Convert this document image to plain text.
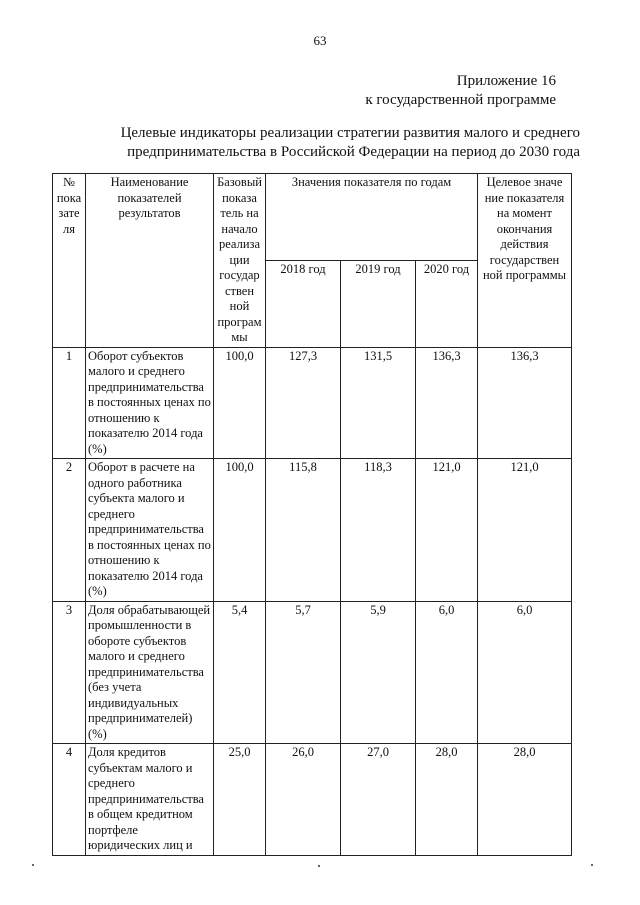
63
Приложение 16
к государственной программе
Целевые индикаторы реализации стратегии развития малого и среднего
предпринимательства в Российской Федерации на период до 2030 года
№ пока зате ля	Наименование показателей результатов	Базовый показа тель на начало реализа ции государ ствен ной програм мы	Значения показателя по годам			Целевое значе ние показателя на момент окончания действия государствен ной программы
			2018 год	2019 год	2020 год	
1	Оборот субъектов малого и среднего предпринимательства в постоянных ценах по отношению к показателю 2014 года (%)	100,0	127,3	131,5	136,3	136,3
2	Оборот в расчете на одного работника субъекта малого и среднего предпринимательства в постоянных ценах по отношению к показателю 2014 года (%)	100,0	115,8	118,3	121,0	121,0
3	Доля обрабатывающей промышленности в обороте субъектов малого и среднего предпринимательства (без учета индивидуальных предпринимателей) (%)	5,4	5,7	5,9	6,0	6,0
4	Доля кредитов субъектам малого и среднего предпринимательства в общем кредитном портфеле юридических лиц и	25,0	26,0	27,0	28,0	28,0
